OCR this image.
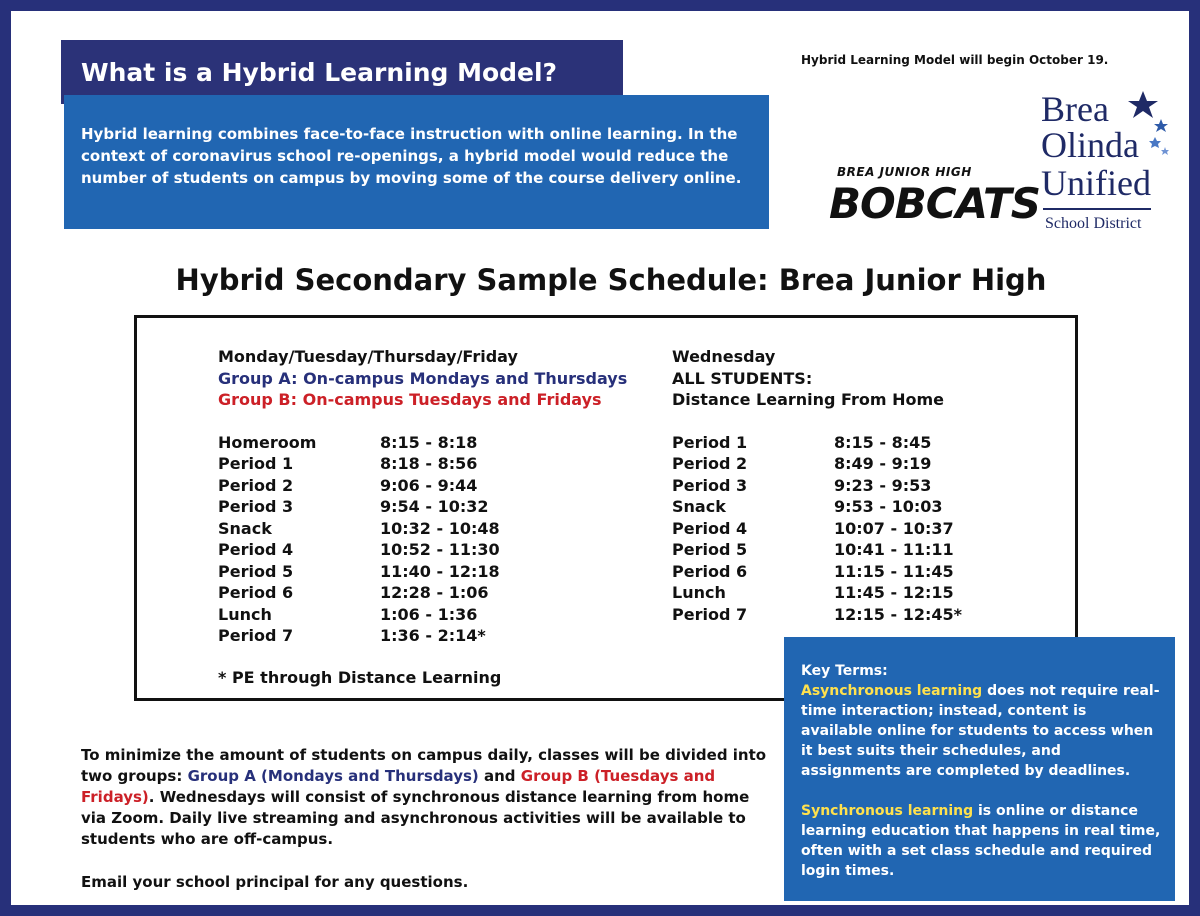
What is a Hybrid Learning Model?
Hybrid learning combines face-to-face instruction with online learning. In the context of coronavirus school re-openings, a hybrid model would reduce the number of students on campus by moving some of the course delivery online.
Hybrid Learning Model will begin October 19.
BREA JUNIOR HIGH
BOBCATS
Brea
Olinda
Unified
School District
Hybrid Secondary Sample Schedule: Brea Junior High
Monday/Tuesday/Thursday/Friday
Group A: On-campus Mondays and Thursdays
Group B: On-campus Tuesdays and Fridays
Homeroom	8:15 - 8:18
Period 1	8:18 - 8:56
Period 2	9:06 - 9:44
Period 3	9:54 - 10:32
Snack	10:32 - 10:48
Period 4	10:52 - 11:30
Period 5	11:40 - 12:18
Period 6	12:28 - 1:06
Lunch	1:06 - 1:36
Period 7	1:36 - 2:14*
* PE through Distance Learning
Wednesday
ALL STUDENTS:
Distance Learning From Home
Period 1	8:15 - 8:45
Period 2	8:49 - 9:19
Period 3	9:23 - 9:53
Snack	9:53 - 10:03
Period 4	10:07 - 10:37
Period 5	10:41 - 11:11
Period 6	11:15 - 11:45
Lunch	11:45 - 12:15
Period 7	12:15 - 12:45*
Key Terms:
Asynchronous learning does not require real-time interaction; instead, content is available online for students to access when it best suits their schedules, and assignments are completed by deadlines.
Synchronous learning is online or distance learning education that happens in real time, often with a set class schedule and required login times.
To minimize the amount of students on campus daily, classes will be divided into two groups: Group A (Mondays and Thursdays) and Group B (Tuesdays and Fridays). Wednesdays will consist of synchronous distance learning from home via Zoom. Daily live streaming and asynchronous activities will be available to students who are off-campus.
Email your school principal for any questions.
